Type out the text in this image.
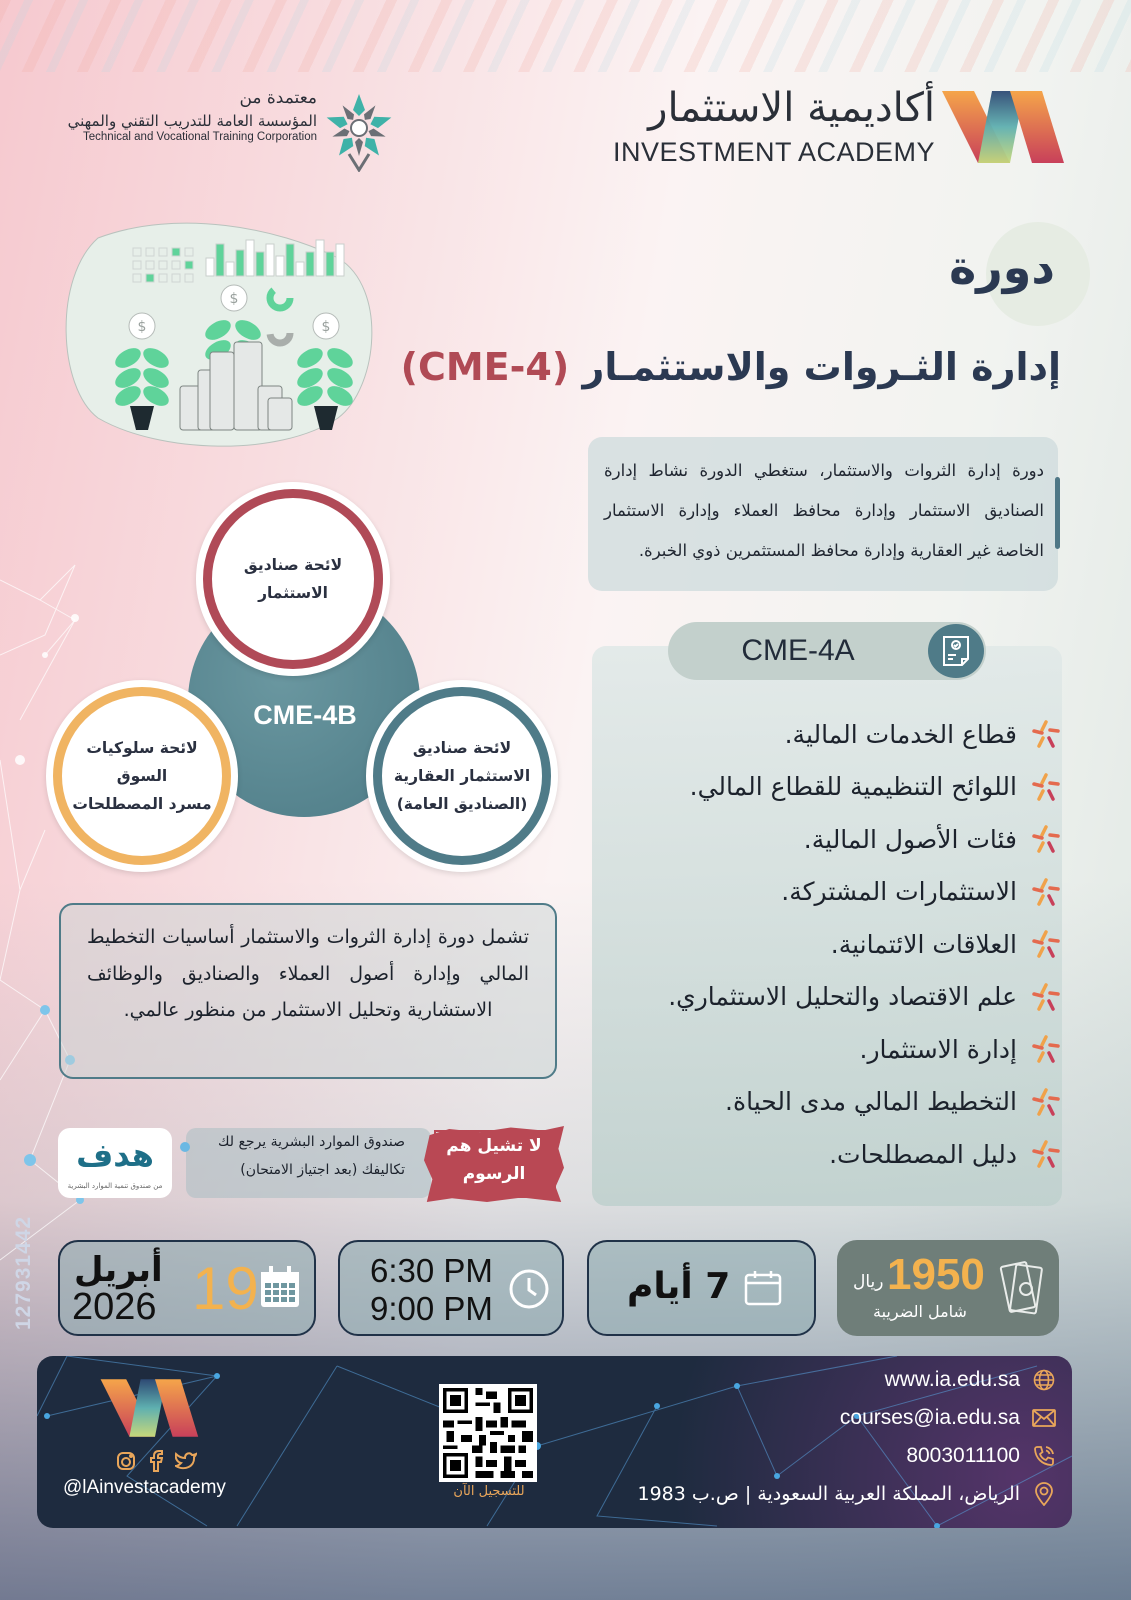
معتمدة من
المؤسسة العامة للتدريب التقني والمهني
Technical and Vocational Training Corporation
أكاديمية الاستثمار
INVESTMENT ACADEMY
$
$
$
دورة
إدارة الثـروات والاستثمـار (CME-4)

دورة إدارة الثروات والاستثمار، ستغطي الدورة نشاط إدارة الصناديق الاستثمار وإدارة محافظ العملاء وإدارة الاستثمار الخاصة غير العقارية وإدارة محافظ المستثمرين ذوي الخبرة.

CME-4B
لائحة صناديق
الاستثمار
لائحة سلوكيات
السوق
مسرد المصطلحات
لائحة صناديق
الاستثمار العقارية
(الصناديق العامة)

تشمل دورة إدارة الثروات والاستثمار أساسيات التخطيط المالي وإدارة أصول العملاء والصناديق والوظائف الاستشارية وتحليل الاستثمار من منظور عالمي.

CME-4A
قطاع الخدمات المالية.
اللوائح التنظيمية للقطاع المالي.
فئات الأصول المالية.
الاستثمارات المشتركة.
العلاقات الائتمانية.
علم الاقتصاد والتحليل الاستثماري.
إدارة الاستثمار.
التخطيط المالي مدى الحياة.
دليل المصطلحات.
هدف
من صندوق تنمية الموارد البشرية
صندوق الموارد البشرية يرجع لك
تكاليفك (بعد اجتياز الامتحان)
لا تشيل هم
الرسوم
127931442 أبريل
2026 19	6:30 PM
9:00 PM
7 أيام	1950
ريال
شامل الضريبة
@lAinvestacademy	للتسجيل الآن
www.ia.edu.sa
courses@ia.edu.sa
8003011100
الرياض، المملكة العربية السعودية | ص.ب 1983
